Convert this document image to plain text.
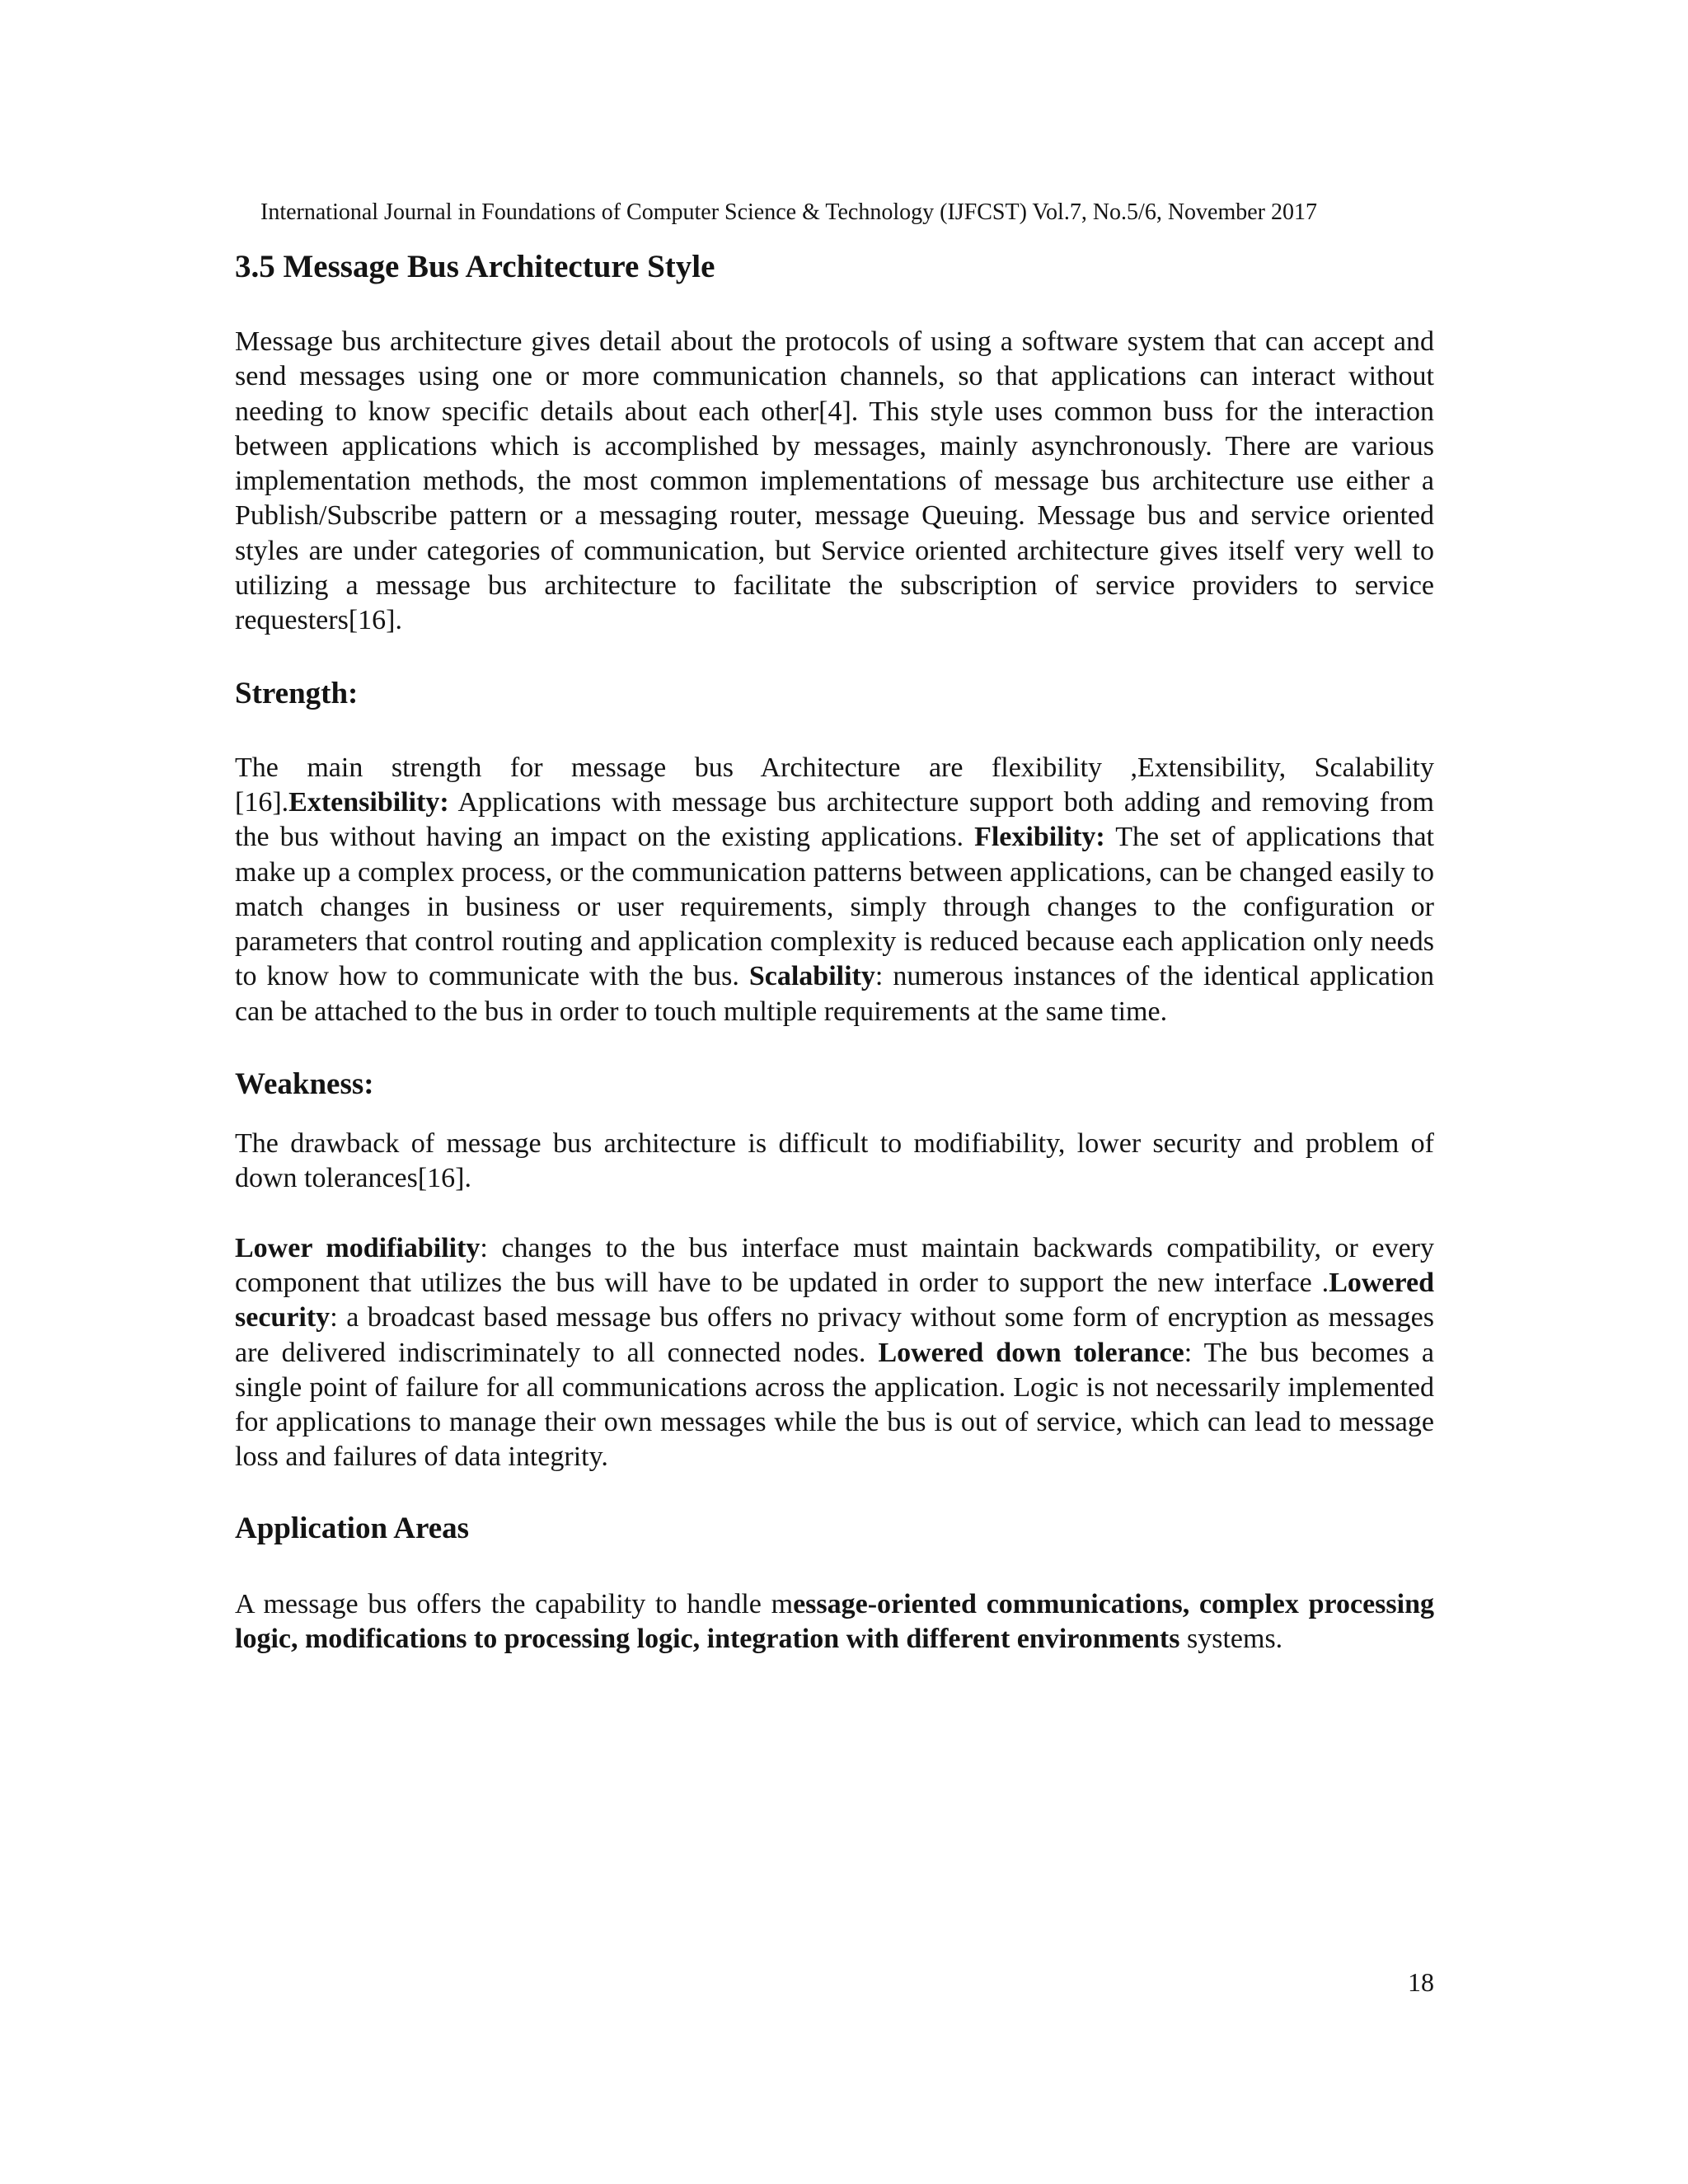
International Journal in Foundations of Computer Science & Technology (IJFCST) Vol.7, No.5/6, November 2017
3.5 Message Bus Architecture Style

Message bus architecture gives detail about the protocols of using a software system that can accept and send messages using one or more communication channels, so that applications can interact without needing to know specific details about each other[4]. This style uses common buss for the interaction between applications which is accomplished by messages, mainly asynchronously. There are various implementation methods, the most common implementations of message bus architecture use either a Publish/Subscribe pattern or a messaging router, message Queuing. Message bus and service oriented styles are under categories of communication, but Service oriented architecture gives itself very well to utilizing a message bus architecture to facilitate the subscription of service providers to service requesters[16].

Strength:

The main strength for message bus Architecture are flexibility ,Extensibility, Scalability [16].Extensibility: Applications with message bus architecture support both adding and removing from the bus without having an impact on the existing applications. Flexibility: The set of applications that make up a complex process, or the communication patterns between applications, can be changed easily to match changes in business or user requirements, simply through changes to the configuration or parameters that control routing and application complexity is reduced because each application only needs to know how to communicate with the bus. Scalability: numerous instances of the identical application can be attached to the bus in order to touch multiple requirements at the same time.

Weakness:

The drawback of message bus architecture is difficult to modifiability, lower security and problem of down tolerances[16].

Lower modifiability: changes to the bus interface must maintain backwards compatibility, or every component that utilizes the bus will have to be updated in order to support the new interface .Lowered security: a broadcast based message bus offers no privacy without some form of encryption as messages are delivered indiscriminately to all connected nodes. Lowered down tolerance: The bus becomes a single point of failure for all communications across the application. Logic is not necessarily implemented for applications to manage their own messages while the bus is out of service, which can lead to message loss and failures of data integrity.

Application Areas

A message bus offers the capability to handle message-oriented communications, complex processing logic, modifications to processing logic, integration with different environments systems.

18
